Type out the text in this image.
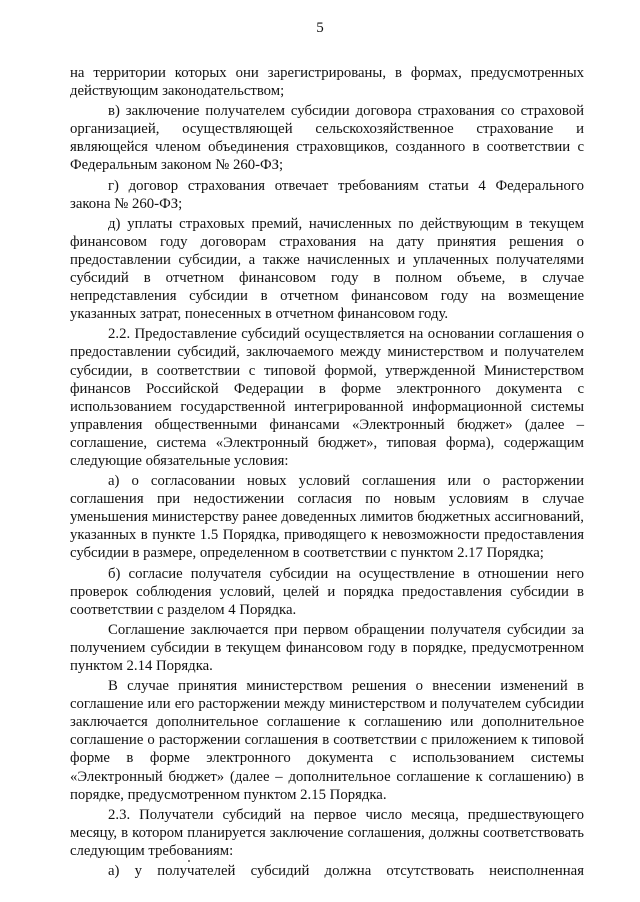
5

на территории которых они зарегистрированы, в формах, предусмотренных действующим законодательством;

в) заключение получателем субсидии договора страхования со страховой организацией, осуществляющей сельскохозяйственное страхование и являющейся членом объединения страховщиков, созданного в соответствии с Федеральным законом № 260-ФЗ;

г) договор страхования отвечает требованиям статьи 4 Федерального закона № 260-ФЗ;

д) уплаты страховых премий, начисленных по действующим в текущем финансовом году договорам страхования на дату принятия решения о предоставлении субсидии, а также начисленных и уплаченных получателями субсидий в отчетном финансовом году в полном объеме, в случае непредставления субсидии в отчетном финансовом году на возмещение указанных затрат, понесенных в отчетном финансовом году.

2.2. Предоставление субсидий осуществляется на основании соглашения о предоставлении субсидий, заключаемого между министерством и получателем субсидии, в соответствии с типовой формой, утвержденной Министерством финансов Российской Федерации в форме электронного документа с использованием государственной интегрированной информационной системы управления общественными финансами «Электронный бюджет» (далее – соглашение, система «Электронный бюджет», типовая форма), содержащим следующие обязательные условия:

а) о согласовании новых условий соглашения или о расторжении соглашения при недостижении согласия по новым условиям в случае уменьшения министерству ранее доведенных лимитов бюджетных ассигнований, указанных в пункте 1.5 Порядка, приводящего к невозможности предоставления субсидии в размере, определенном в соответствии с пунктом 2.17 Порядка;

б) согласие получателя субсидии на осуществление в отношении него проверок соблюдения условий, целей и порядка предоставления субсидии в соответствии с разделом 4 Порядка.

Соглашение заключается при первом обращении получателя субсидии за получением субсидии в текущем финансовом году в порядке, предусмотренном пунктом 2.14 Порядка.

В случае принятия министерством решения о внесении изменений в соглашение или его расторжении между министерством и получателем субсидии заключается дополнительное соглашение к соглашению или дополнительное соглашение о расторжении соглашения в соответствии с приложением к типовой форме в форме электронного документа с использованием системы «Электронный бюджет» (далее – дополнительное соглашение к соглашению) в порядке, предусмотренном пунктом 2.15 Порядка.

2.3. Получатели субсидий на первое число месяца, предшествующего месяцу, в котором планируется заключение соглашения, должны соответствовать следующим требованиям:

а) у получателей субсидий должна отсутствовать неисполненная
